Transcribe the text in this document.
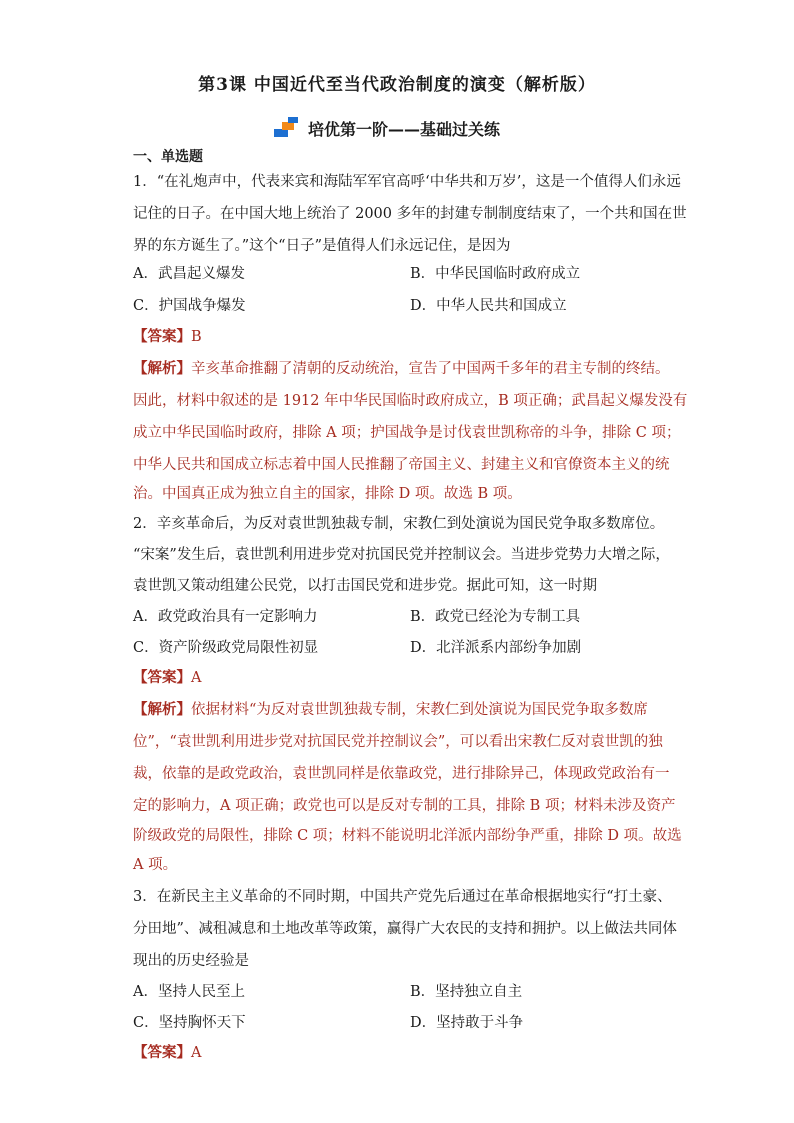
第3课 中国近代至当代政治制度的演变（解析版）
培优第一阶——基础过关练
一、单选题
1．“在礼炮声中，代表来宾和海陆军军官高呼‘中华共和万岁’，这是一个值得人们永远
记住的日子。在中国大地上统治了 2000 多年的封建专制制度结束了，一个共和国在世
界的东方诞生了。”这个“日子”是值得人们永远记住，是因为
A．武昌起义爆发	B．中华民国临时政府成立
C．护国战争爆发	D．中华人民共和国成立
【答案】B
【解析】辛亥革命推翻了清朝的反动统治，宣告了中国两千多年的君主专制的终结。
因此，材料中叙述的是 1912 年中华民国临时政府成立，B 项正确；武昌起义爆发没有
成立中华民国临时政府，排除 A 项；护国战争是讨伐袁世凯称帝的斗争，排除 C 项；
中华人民共和国成立标志着中国人民推翻了帝国主义、封建主义和官僚资本主义的统
治。中国真正成为独立自主的国家，排除 D 项。故选 B 项。
2．辛亥革命后，为反对袁世凯独裁专制，宋教仁到处演说为国民党争取多数席位。
“宋案”发生后，袁世凯利用进步党对抗国民党并控制议会。当进步党势力大增之际，
袁世凯又策动组建公民党，以打击国民党和进步党。据此可知，这一时期
A．政党政治具有一定影响力	B．政党已经沦为专制工具
C．资产阶级政党局限性初显	D．北洋派系内部纷争加剧
【答案】A
【解析】依据材料“为反对袁世凯独裁专制，宋教仁到处演说为国民党争取多数席
位”，“袁世凯利用进步党对抗国民党并控制议会”，可以看出宋教仁反对袁世凯的独
裁，依靠的是政党政治，袁世凯同样是依靠政党，进行排除异己，体现政党政治有一
定的影响力，A 项正确；政党也可以是反对专制的工具，排除 B 项；材料未涉及资产
阶级政党的局限性，排除 C 项；材料不能说明北洋派内部纷争严重，排除 D 项。故选
A 项。
3．在新民主主义革命的不同时期，中国共产党先后通过在革命根据地实行“打土豪、
分田地”、减租减息和土地改革等政策，赢得广大农民的支持和拥护。以上做法共同体
现出的历史经验是
A．坚持人民至上	B．坚持独立自主
C．坚持胸怀天下	D．坚持敢于斗争
【答案】A
